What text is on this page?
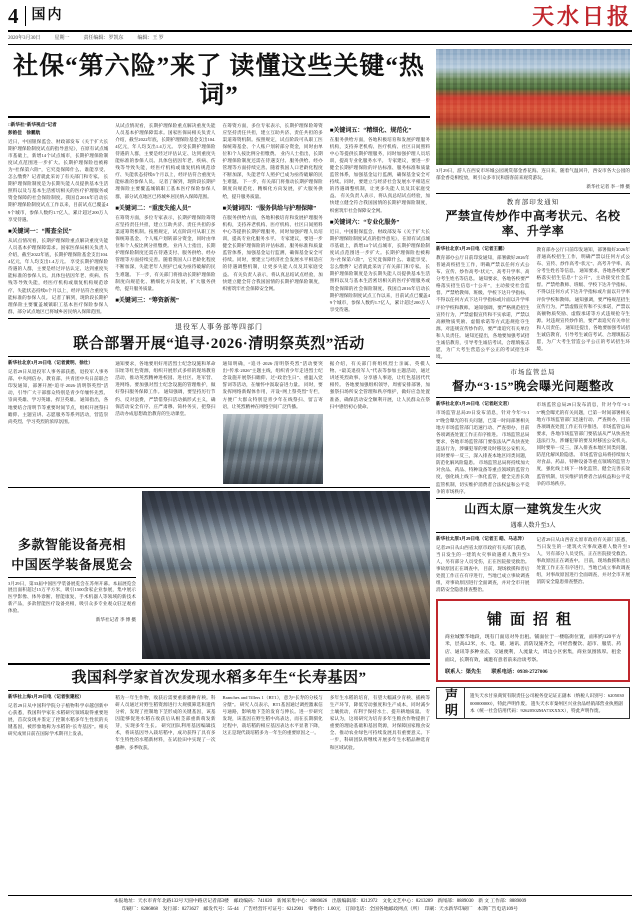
4 国内	天水日报
2020年3月30日	星期一	责任编辑：罗凯东	编辑：王 罗
社保“第六险”来了 读懂这些关键“热词”
□新华社“新华视点”记者
彭韵佳　徐鹏航
近日，中国银保监会、财政部发布《关于扩大长期护理保险制度试点的指导意见》，在原有试点城市基础上，新增14个试点城市，长期护理保险制度试点范围进一步扩大。长期护理保险也被称为“社保第六险”，它究竟保障什么、谁能享受、怎么缴费？记者就此采访了有关部门和专家。 长期护理保险制度是为长期失能人员提供基本生活照料以及与基本生活密切相关的医疗护理服务或资金保障的社会保险制度。我国自2016年启动长期护理保险制度试点工作以来，目前试点已覆盖49个城市，参保人数约1.7亿人，累计超过200万人享受待遇。
■关键词一：“需查全民”
从试点情况看，长期护理保险重点解决重度失能人员基本护理保障需求。国家医保局相关负责人介绍，截至2022年底，长期护理保险基金支出104.4亿元，年人均支出1.4万元。 享受长期护理保险待遇的人群，主要是经过评估认定、达到重度失能标准的参保人员。具体包括因年老、疾病、伤残等导致失能，经医疗机构或康复机构规范诊疗、失能状态持续6个月以上，经评估符合重度失能标准的参保人员。 记者了解到，现阶段长期护理保险主要覆盖城镇职工基本医疗保险参保人群，部分试点地区已将城乡居民纳入保障范围。
从试点情况看，长期护理保险重点解决重度失能人员基本护理保障需求。国家医保局相关负责人介绍，截至2022年底，长期护理保险基金支出104.4亿元，年人均支出1.4万元。 享受长期护理保险待遇的人群，主要是经过评估认定、达到重度失能标准的参保人员。具体包括因年老、疾病、伤残等导致失能，经医疗机构或康复机构规范诊疗、失能状态持续6个月以上，经评估符合重度失能标准的参保人员。 记者了解到，现阶段长期护理保险主要覆盖城镇职工基本医疗保险参保人群，部分试点地区已将城乡居民纳入保障范围。
■关键词二：“重度失能人员”
在筹资方面，多位专家表示，长期护理保险筹资应坚持责任共担，建立互助共济、责任共担的多渠道筹资机制。按照规定，试点阶段可从职工医保统筹基金、个人账户划转部分资金，同时由单位和个人按比例分担缴费。 业内人士指出，长期护理保险制度还需在待遇支付、服务供给、经办管理等方面持续完善。随着我国人口老龄化程度不断加深，失能老年人照护已成为亟待破解的民生难题。 下一步，有关部门将推动长期护理保险制度向规范化、精细化方向发展，扩大服务供给，提升服务质量。
■关键词三：“筹资新规”
在筹资方面，多位专家表示，长期护理保险筹资应坚持责任共担，建立互助共济、责任共担的多渠道筹资机制。按照规定，试点阶段可从职工医保统筹基金、个人账户划转部分资金，同时由单位和个人按比例分担缴费。 业内人士指出，长期护理保险制度还需在待遇支付、服务供给、经办管理等方面持续完善。随着我国人口老龄化程度不断加深，失能老年人照护已成为亟待破解的民生难题。 下一步，有关部门将推动长期护理保险制度向规范化、精细化方向发展，扩大服务供给，提升服务质量。
■关键词四：“服务供给与护理保障”
在服务供给方面，各地积极培育和发展护理服务机构，支持养老机构、医疗机构、社区日间照料中心等提供长期护理服务，同时加强护理人员培训，提高专业化服务水平。 专家建议，要进一步健全长期护理保险的评估标准、服务标准和质量监管体系，加强基金运行监测，确保基金安全可持续。同时，要建立与经济社会发展水平相适应的待遇调整机制，让更多失能人员及其家庭受益。 有关负责人表示，将认真总结试点经验，加快建立健全符合我国国情的长期护理保险制度，织密筑牢社会保障安全网。
■关键词五：“精细化、规范化”
在服务供给方面，各地积极培育和发展护理服务机构，支持养老机构、医疗机构、社区日间照料中心等提供长期护理服务，同时加强护理人员培训，提高专业化服务水平。 专家建议，要进一步健全长期护理保险的评估标准、服务标准和质量监管体系，加强基金运行监测，确保基金安全可持续。同时，要建立与经济社会发展水平相适应的待遇调整机制，让更多失能人员及其家庭受益。 有关负责人表示，将认真总结试点经验，加快建立健全符合我国国情的长期护理保险制度，织密筑牢社会保障安全网。
■关键词六：“专业化服务”
近日，中国银保监会、财政部发布《关于扩大长期护理保险制度试点的指导意见》，在原有试点城市基础上，新增14个试点城市，长期护理保险制度试点范围进一步扩大。长期护理保险也被称为“社保第六险”，它究竟保障什么、谁能享受、怎么缴费？记者就此采访了有关部门和专家。 长期护理保险制度是为长期失能人员提供基本生活照料以及与基本生活密切相关的医疗护理服务或资金保障的社会保险制度。我国自2016年启动长期护理保险制度试点工作以来，目前试点已覆盖49个城市，参保人数约1.7亿人，累计超过200万人享受待遇。
退役军人事务部等四部门
联合部署开展“追寻·2026·清明祭英烈”活动
新华社北京3月29日电（记者黄明、徐壮）
记者29日从退役军人事务部获悉，退役军人事务部、中央网信办、教育部、共青团中央日前联合印发通知，部署开展“追寻·2026·清明祭英烈”活动，引导广大干部群众特别是青少年缅怀先烈、崇尚英雄、学习英雄、捍卫英雄。 通知指出，各地要结合清明节等重要时间节点，组织开展祭扫瞻仰、主题宣讲、志愿服务等系列活动，营造崇尚英烈、学习英烈的浓厚氛围。
通知要求，各地要用好用活烈士纪念设施和革命旧址等红色资源，组织开展形式多样的现场教育活动，推动英烈精神进校园、进社区、进军营、进网络。要加强对烈士纪念设施的管理维护，做好祭扫服务保障工作。 通知强调，要坚持厉行节约、反对浪费，严禁借祭扫活动搞形式主义，确保活动安全有序、庄严肃穆、简朴务实，把祭扫活动办成思想政治教育的生动课堂。
通知明确，“追寻·2026·清明祭英烈”活动要突出“传承·2026”主题主线，组织青少年走进烈士纪念设施开展祭扫瞻仰、过“政治生日”、重温入党誓词等活动，在缅怀中汲取奋进力量。 同时，要发挥网络新媒体作用，开设“网上祭英烈”专栏，方便广大群众特别是青少年在线祭扫、留言寄语，让英烈精神在网络空间广泛传播。
据介绍，有关部门将组织烈士亲属、英模人物、“最美退役军人”代表等参加主题活动，通过讲述英烈故事、分享感人事迹，让红色基因代代相传。 各地要加强组织领导，周密安排部署，加强祭扫场所安全管理和秩序维护，做好应急处置准备，确保活动安全顺利开展，让人民群众在祭扫中感悟初心使命。
多款智能设备亮相
中国医学装备展览会
3月29日，第33届中国医学装备展览会在苏州开幕。本届展览会展出面积超过15万平方米，吸引1500余家企业参展，集中展示医学影像、体外诊断、智能康复、手术机器人等领域的新技术新产品，多款智能医疗设备亮相，吸引众多专业观众驻足观看体验。
新华社记者 李 博 摄
我国科学家首次发现水稻多年生“长寿基因”
新华社上海3月29日电（记者张建松）
记者29日从中国科学院分子植物科学卓越创新中心获悉，我国科学家在水稻研究领域取得重要进展，首次发现并鉴定了控制水稻多年生性状的关键基因，被形象地称为水稻的“长寿基因”。相关研究成果日前在国际学术期刊上发表。
稻为一年生作物，收获后需要重新播种育秧。科研人员通过对野生稻资源进行大规模筛选和遗传分析，发现了控制地下茎形成的关键基因，该基因能够促进水稻在收获后从根茎部重新萌发新芽，实现多年生长。 研究团队利用基因编辑技术，将该基因导入栽培稻中，成功获得了具有多年生特性的水稻新材料，在试验田中实现了一次播种、多季收获。
Branches and Tillers 1（BT1），意为“长寿的分枝与分蘖”。 研究人员表示，BT1基因通过调控激素信号通路，影响地下茎的发育与伸长。进一步研究发现，该基因在野生稻中高表达，而在长期驯化过程中，栽培稻的相应基因表达水平显著下降，这正是现代栽培稻多为一年生的重要原因之一。
多年生水稻的培育，有望大幅减少育秧、插秧等生产环节，降低劳动强度和生产成本，同时减少土壤扰动，有利于保持水土、提升耕地质量。 专家认为，这项研究为培育多年生粮食作物提供了重要的理论基础和基因资源，对保障国家粮食安全、推动农业绿色可持续发展具有重要意义。下一步，科研团队将继续开展多年生水稻品种选育和区域试验。
3月29日，游人在西安市环城公园观赏郁金香花海。连日来，随着气温回升，西安市各大公园的郁金香竞相绽放，吸引众多市民和游客前来观赏游玩。
新华社记者 李一博 摄
教育部印发通知
严禁宣传炒作中高考状元、名校率、升学率
新华社北京3月29日电（记者王鹏）
教育部办公厅日前印发通知，部署做好2026年普通高校招生工作，明确严禁以任何方式公布、宣传、炒作高考“状元”、高考升学率、高分考生姓名等信息。 通知要求，各地各校要严格落实招生信息“十公开”，主动接受社会监督。严禁给教师、班级、学校下达升学指标，不得以任何方式下达升学指标或片面以升学率评价学校和教师。 通知强调，要严格规范招生宣传行为，严禁虚假宣传和不实承诺，严禁以高额物质奖励、虚假承诺等方式违规抢夺生源。对违规宣传炒作的，要严肃追究有关单位和人员责任。 通知还提出，各地要加强考试招生诚信教育，引导考生诚信考试、合理填报志愿，为广大考生营造公平公正的考试招生环境。
教育部办公厅日前印发通知，部署做好2026年普通高校招生工作，明确严禁以任何方式公布、宣传、炒作高考“状元”、高考升学率、高分考生姓名等信息。 通知要求，各地各校要严格落实招生信息“十公开”，主动接受社会监督。严禁给教师、班级、学校下达升学指标，不得以任何方式下达升学指标或片面以升学率评价学校和教师。 通知强调，要严格规范招生宣传行为，严禁虚假宣传和不实承诺，严禁以高额物质奖励、虚假承诺等方式违规抢夺生源。对违规宣传炒作的，要严肃追究有关单位和人员责任。 通知还提出，各地要加强考试招生诚信教育，引导考生诚信考试、合理填报志愿，为广大考生营造公平公正的考试招生环境。
市场监管总局
督办“3·15”晚会曝光问题整改
新华社北京3月29日电（记者赵文君）
市场监管总局29日发布消息，针对今年“3·15”晚会曝光的有关问题，已第一时间部署相关地方市场监管部门迅速行动、严查彻办，目前各项调查处置工作正有序推进。 市场监管总局要求，各地市场监管部门要依法从严从快查处违法行为，涉嫌犯罪的要及时移送公安机关。同时要举一反三，深入排查本地区同类问题，防范化解风险隐患。 市场监管总局将持续加大对食品、药品、特种设备等重点领域的监管力度，强化线上线下一体化监管，健全完善长效监管机制，切实维护消费者合法权益和公平竞争的市场秩序。
市场监管总局29日发布消息，针对今年“3·15”晚会曝光的有关问题，已第一时间部署相关地方市场监管部门迅速行动、严查彻办，目前各项调查处置工作正有序推进。 市场监管总局要求，各地市场监管部门要依法从严从快查处违法行为，涉嫌犯罪的要及时移送公安机关。同时要举一反三，深入排查本地区同类问题，防范化解风险隐患。 市场监管总局将持续加大对食品、药品、特种设备等重点领域的监管力度，强化线上线下一体化监管，健全完善长效监管机制，切实维护消费者合法权益和公平竞争的市场秩序。
山西太原一建筑发生火灾
遇难人数升至3人
新华社太原3月29日电（记者王 皓、马志异）
记者29日从山西省太原市政府有关部门获悉，当日发生的一建筑火灾事故遇难人数升至3人，另有部分人员受伤，正在医院接受救治。事故原因正在调查中。 目前，现场救援和善后处置工作正在有序进行，当地已成立事故调查组，对事故原因进行全面调查，并对全市开展消防安全隐患排查整治。
记者29日从山西省太原市政府有关部门获悉，当日发生的一建筑火灾事故遇难人数升至3人，另有部分人员受伤，正在医院接受救治。事故原因正在调查中。 目前，现场救援和善后处置工作正在有序进行，当地已成立事故调查组，对事故原因进行全面调查，并对全市开展消防安全隐患排查整治。
铺面招租
商业城繁华地段，现有门面房对外出租。铺面位于一楼临街位置，面积约120平方米，层高4.2米，水、电、暖、通讯、消防设施齐全，可经营餐饮、超市、服装、药店、通讯等多种业态，交通便利，人流量大，周边小区密集，商业氛围浓厚。租金面议，长期有效，诚邀有意者前来洽谈考察。
联系人：渠先生 联系电话：0938-2727006
声明	遗失天水甘泉商贸有限责任公司税务登记证正副本（纳税人识别号：6205030000000000），特此声明作废。 遗失天水市秦州区兴业食品经销部营业执照副本（统一社会信用代码：92620502MA73XXXX），特此声明作废。
本报地址：天水市青年北路132号天圆中路店记者部3楼　邮政编码：741020　新闻采集中心：8889026　出版编辑部：8212972　文化文艺中心：8213289　新闻部：8889030　新 文 工作部：8889009
印刷厂：8286868　发行部：8273627　邮发代号：55-44　广告经营许可证号：6212901　零售价：1.00元　订阅电话：全国各地邮政网点（所）　印刷：天水新华印刷厂　本期广告电话109号
